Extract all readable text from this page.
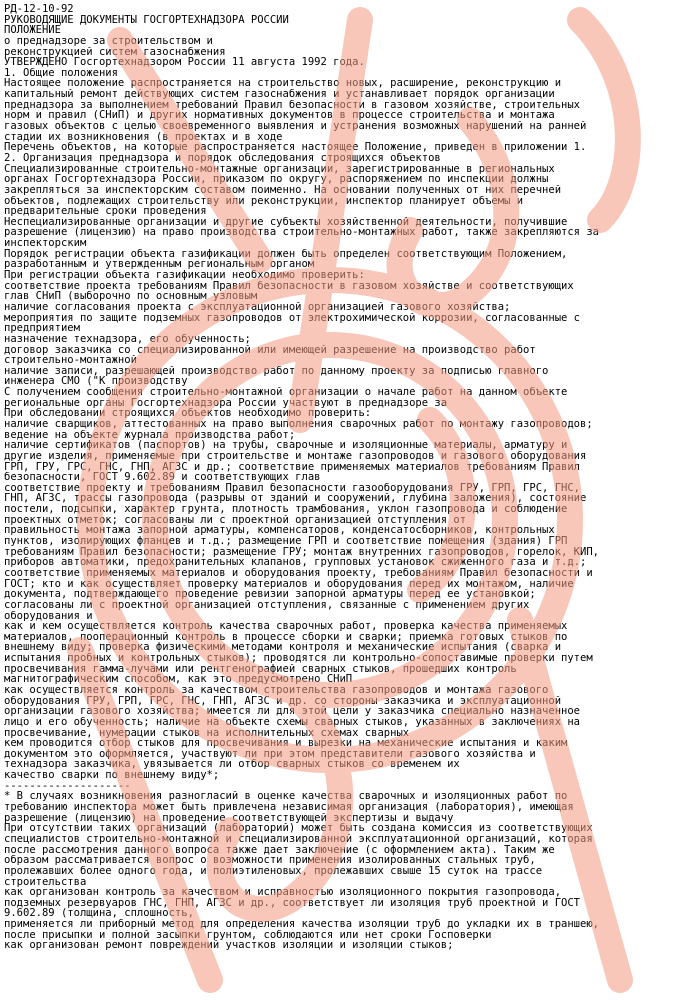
РД-12-10-92
РУКОВОДЯЩИЕ ДОКУМЕНТЫ ГОСГОРТЕХНАДЗОРА РОССИИ
ПОЛОЖЕНИЕ
о преднадзоре за строительством и
реконструкцией систем газоснабжения
УТВЕРЖДЕНО Госгортехнадзором России 11 августа 1992 года.
1. Общие положения
Настоящее положение распространяется на строительство новых, расширение, реконструкцию и
капитальный ремонт действующих систем газоснабжения и устанавливает порядок организации
преднадзора за выполнением требований Правил безопасности в газовом хозяйстве, строительных
норм и правил (СНиП) и других нормативных документов в процессе строительства и монтажа
газовых объектов с целью своевременного выявления и устранения возможных нарушений на ранней
стадии их возникновения (в проектах и в ходе
Перечень объектов, на которые распространяется настоящее Положение, приведен в приложении 1.
2. Организация преднадзора и порядок обследования строящихся объектов
Специализированные строительно-монтажные организации, зарегистрированные в региональных
органах Госгортехнадзора России, приказом по округу, распоряжением по инспекции должны
закрепляться за инспекторским составом поименно. На основании полученных от них перечней
объектов, подлежащих строительству или реконструкции, инспектор планирует объемы и
предварительные сроки проведения
Неспециализированные организации и другие субъекты хозяйственной деятельности, получившие
разрешение (лицензию) на право производства строительно-монтажных работ, также закрепляются за
инспекторским
Порядок регистрации объекта газификации должен быть определен соответствующим Положением,
разработанным и утвержденным региональным органом
При регистрации объекта газификации необходимо проверить:
соответствие проекта требованиям Правил безопасности в газовом хозяйстве и соответствующих
глав СНиП (выборочно по основным узловым
наличие согласования проекта с эксплуатационной организацией газового хозяйства;
мероприятия по защите подземных газопроводов от электрохимической коррозии, согласованные с
предприятием
назначение технадзора, его обученность;
договор заказчика со специализированной или имеющей разрешение на производство работ
строительно-монтажной
наличие записи, разрешающей производство работ по данному проекту за подписью главного
инженера СМО ("К производству
С получением сообщения строительно-монтажной организации о начале работ на данном объекте
региональные органы Госгортехнадзора России участвуют в преднадзоре за
При обследовании строящихся объектов необходимо проверить:
наличие сварщиков, аттестованных на право выполнения сварочных работ по монтажу газопроводов;
ведение на объекте журнала производства работ;
наличие сертификатов (паспортов) на трубы, сварочные и изоляционные материалы, арматуру и
другие изделия, применяемые при строительстве и монтаже газопроводов и газового оборудования
ГРП, ГРУ, ГРС, ГНС, ГНП, АГЗС и др.; соответствие применяемых материалов требованиям Правил
безопасности, ГОСТ 9.602.89 и соответствующих глав
соответствие проекту и требованиям Правил безопасности газооборудования ГРУ, ГРП, ГРС, ГНС,
ГНП, АГЗС, трассы газопровода (разрывы от зданий и сооружений, глубина заложения), состояние
постели, подсыпки, характер грунта, плотность трамбования, уклон газопровода и соблюдение
проектных отметок; согласованы ли с проектной организацией отступления от
правильность монтажа запорной арматуры, компенсаторов, конденсатосборников, контрольных
пунктов, изолирующих фланцев и т.д.; размещение ГРП и соответствие помещения (здания) ГРП
требованиям Правил безопасности; размещение ГРУ; монтаж внутренних газопроводов, горелок, КИП,
приборов автоматики, предохранительных клапанов, групповых установок сжиженного газа и т.д.;
соответствие применяемых материалов и оборудования проекту, требованиям Правил безопасности и
ГОСТ; кто и как осуществляет проверку материалов и оборудования перед их монтажом, наличие
документа, подтверждающего проведение ревизии запорной арматуры перед ее установкой;
согласованы ли с проектной организацией отступления, связанные с применением других
оборудования и
как и кем осуществляется контроль качества сварочных работ, проверка качества применяемых
материалов, пооперационный контроль в процессе сборки и сварки; приемка готовых стыков по
внешнему виду; проверка физическими методами контроля и механические испытания (сварка и
испытания пробных и контрольных стыков); проводятся ли контрольно-сопоставимые проверки путем
просвечивания гамма-лучами или рентгенографией сварных стыков, прошедших контроль
магнитографическим способом, как это предусмотрено СНиП
как осуществляется контроль за качеством строительства газопроводов и монтажа газового
оборудования ГРУ, ГРП, ГРС, ГНС, ГНП, АГЗС и др. со стороны заказчика и эксплуатационной
организации газового хозяйства; имеется ли для этой цели у заказчика специально назначенное
лицо и его обученность; наличие на объекте схемы сварных стыков, указанных в заключениях на
просвечивание, нумерации стыков на исполнительных схемах сварных
кем проводится отбор стыков для просвечивания и вырезки на механические испытания и каким
документом это оформляется, участвуют ли при этом представители газового хозяйства и
технадзора заказчика, увязывается ли отбор сварных стыков со временем их
качество сварки по внешнему виду*;
--------------------
* В случаях возникновения разногласий в оценке качества сварочных и изоляционных работ по
требованию инспектора может быть привлечена независимая организация (лаборатория), имеющая
разрешение (лицензию) на проведение соответствующей экспертизы и выдачу
При отсутствии таких организаций (лабораторий) может быть создана комиссия из соответствующих
специалистов строительно-монтажной и специализированной эксплуатационной организаций, которая
после рассмотрения данного вопроса также дает заключение (с оформлением акта). Таким же
образом рассматривается вопрос о возможности применения изолированных стальных труб,
пролежавших более одного года, и полиэтиленовых, пролежавших свыше 15 суток на трассе
строительства
как организован контроль за качеством и исправностью изоляционного покрытия газопровода,
подземных резервуаров ГНС, ГНП, АГЗС и др., соответствует ли изоляция труб проектной и ГОСТ
9.602.89 (толщина, сплошность,
применяется ли приборный метод для определения качества изоляции труб до укладки их в траншею,
после присыпки и полной засыпки грунтом, соблюдаются или нет сроки Госповерки
как организован ремонт повреждений участков изоляции и изоляции стыков;
